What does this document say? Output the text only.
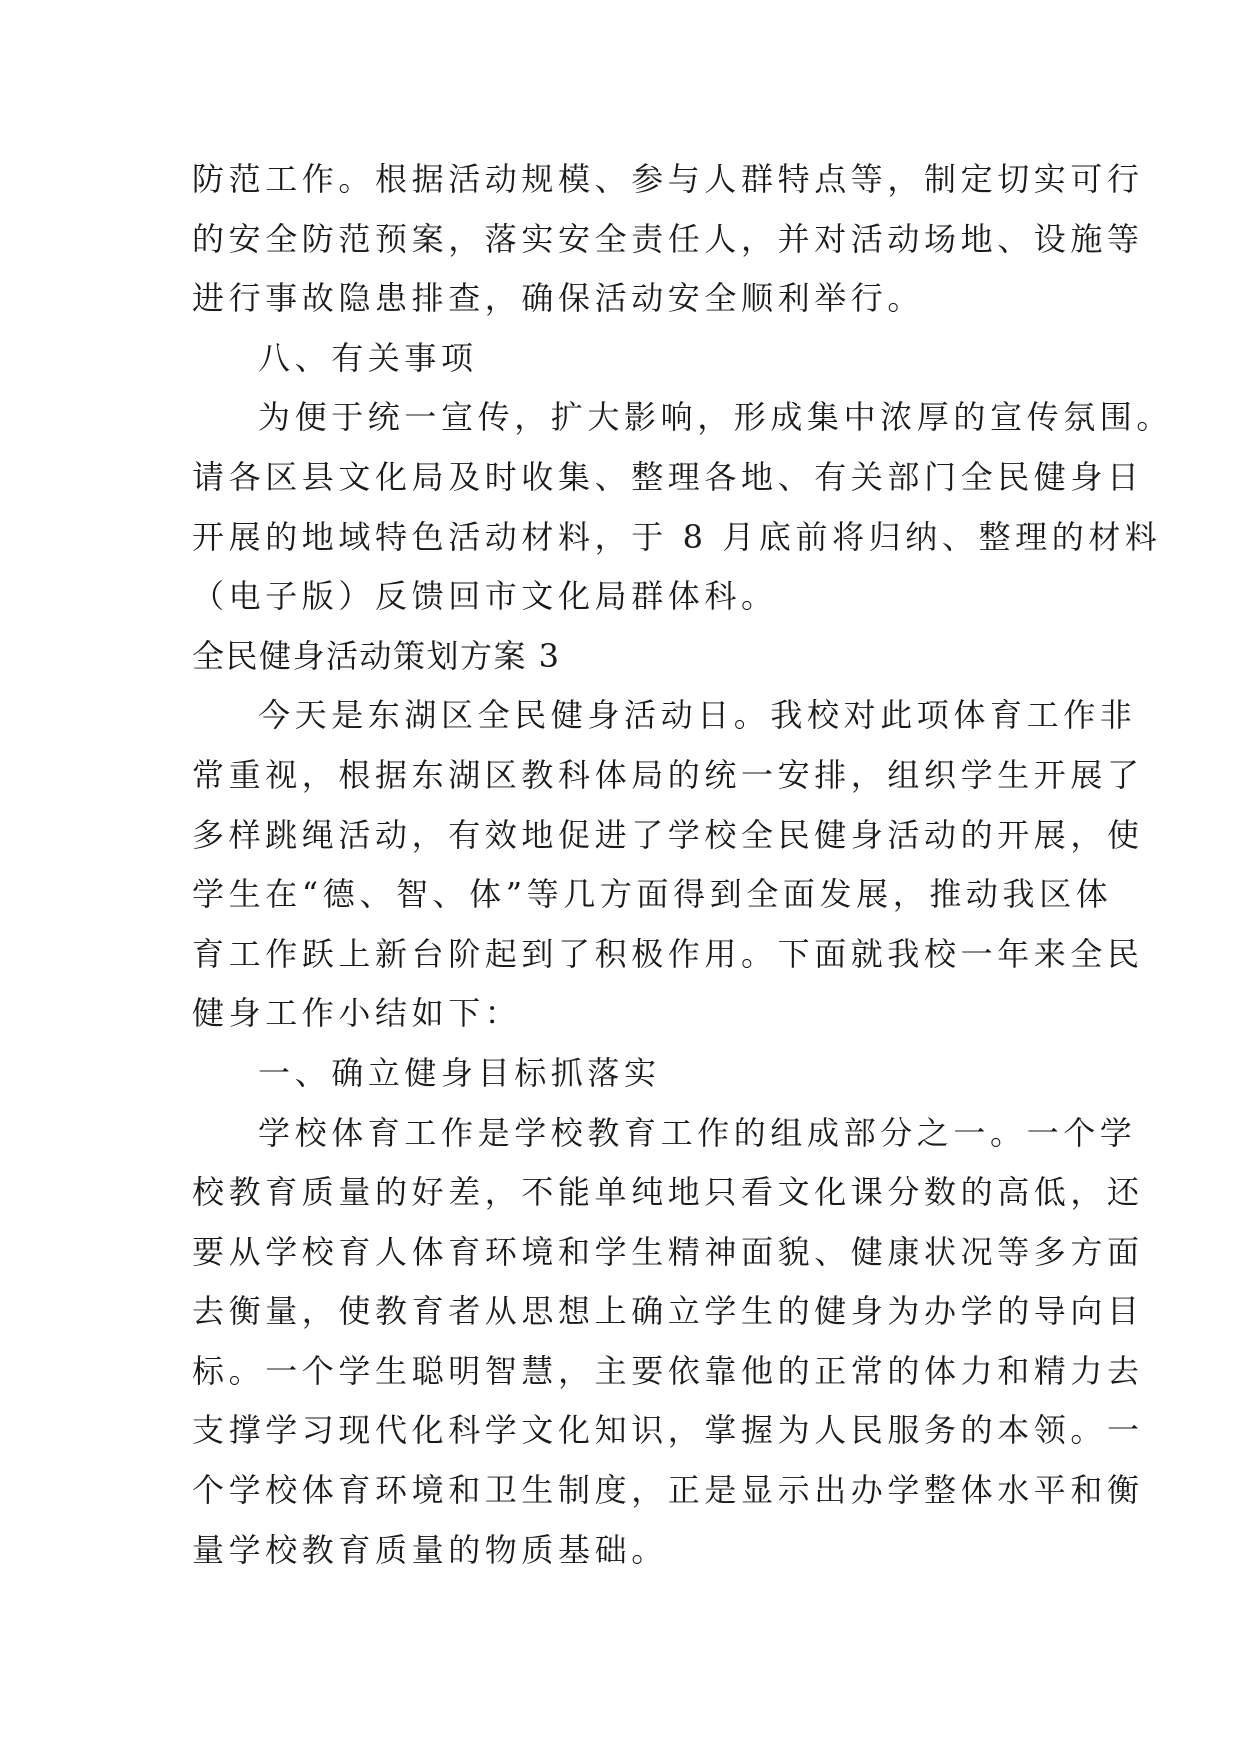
防范工作。根据活动规模、参与人群特点等，制定切实可行
的安全防范预案，落实安全责任人，并对活动场地、设施等
进行事故隐患排查，确保活动安全顺利举行。
八、有关事项
为便于统一宣传，扩大影响，形成集中浓厚的宣传氛围。
请各区县文化局及时收集、整理各地、有关部门全民健身日
开展的地域特色活动材料，于 8 月底前将归纳、整理的材料
（电子版）反馈回市文化局群体科。
全民健身活动策划方案 3
今天是东湖区全民健身活动日。我校对此项体育工作非
常重视，根据东湖区教科体局的统一安排，组织学生开展了
多样跳绳活动，有效地促进了学校全民健身活动的开展，使
学生在“德、智、体”等几方面得到全面发展，推动我区体
育工作跃上新台阶起到了积极作用。下面就我校一年来全民
健身工作小结如下：
一、确立健身目标抓落实
学校体育工作是学校教育工作的组成部分之一。一个学
校教育质量的好差，不能单纯地只看文化课分数的高低，还
要从学校育人体育环境和学生精神面貌、健康状况等多方面
去衡量，使教育者从思想上确立学生的健身为办学的导向目
标。一个学生聪明智慧，主要依靠他的正常的体力和精力去
支撑学习现代化科学文化知识，掌握为人民服务的本领。一
个学校体育环境和卫生制度，正是显示出办学整体水平和衡
量学校教育质量的物质基础。
